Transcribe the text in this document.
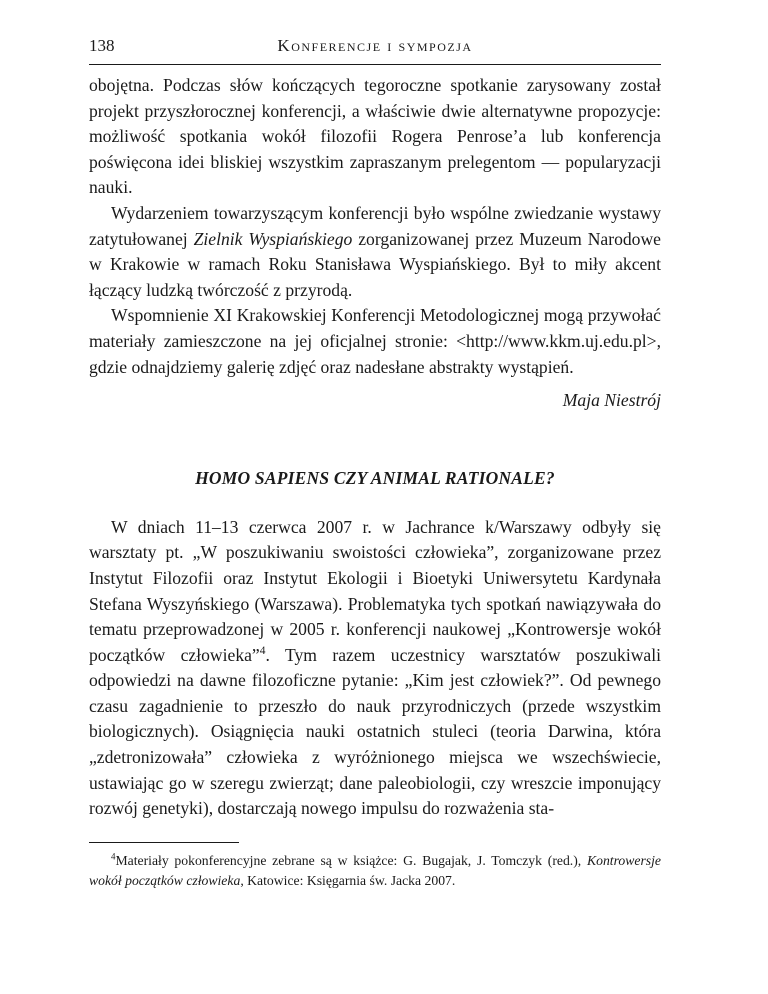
138	Konferencje i sympozja

obojętna. Podczas słów kończących tegoroczne spotkanie zarysowany został projekt przyszłorocznej konferencji, a właściwie dwie alternatywne propozycje: możliwość spotkania wokół filozofii Rogera Penrose’a lub konferencja poświęcona idei bliskiej wszystkim zapraszanym prelegentom — popularyzacji nauki.

Wydarzeniem towarzyszącym konferencji było wspólne zwiedzanie wystawy zatytułowanej Zielnik Wyspiańskiego zorganizowanej przez Muzeum Narodowe w Krakowie w ramach Roku Stanisława Wyspiańskiego. Był to miły akcent łączący ludzką twórczość z przyrodą.

Wspomnienie XI Krakowskiej Konferencji Metodologicznej mogą przywołać materiały zamieszczone na jej oficjalnej stronie: <http://www.kkm.uj.edu.pl>, gdzie odnajdziemy galerię zdjęć oraz nadesłane abstrakty wystąpień.

Maja Niestrój

HOMO SAPIENS CZY ANIMAL RATIONALE?

W dniach 11–13 czerwca 2007 r. w Jachrance k/Warszawy odbyły się warsztaty pt. „W poszukiwaniu swoistości człowieka”, zorganizowane przez Instytut Filozofii oraz Instytut Ekologii i Bioetyki Uniwersytetu Kardynała Stefana Wyszyńskiego (Warszawa). Problematyka tych spotkań nawiązywała do tematu przeprowadzonej w 2005 r. konferencji naukowej „Kontrowersje wokół początków człowieka”$^4$. Tym razem uczestnicy warsztatów poszukiwali odpowiedzi na dawne filozoficzne pytanie: „Kim jest człowiek?”. Od pewnego czasu zagadnienie to przeszło do nauk przyrodniczych (przede wszystkim biologicznych). Osiągnięcia nauki ostatnich stuleci (teoria Darwina, która „zdetronizowała” człowieka z wyróżnionego miejsca we wszechświecie, ustawiając go w szeregu zwierząt; dane paleobiologii, czy wreszcie imponujący rozwój genetyki), dostarczają nowego impulsu do rozważenia sta-

$^4$Materiały pokonferencyjne zebrane są w książce: G. Bugajak, J. Tomczyk (red.), Kontrowersje wokół początków człowieka, Katowice: Księgarnia św. Jacka 2007.
